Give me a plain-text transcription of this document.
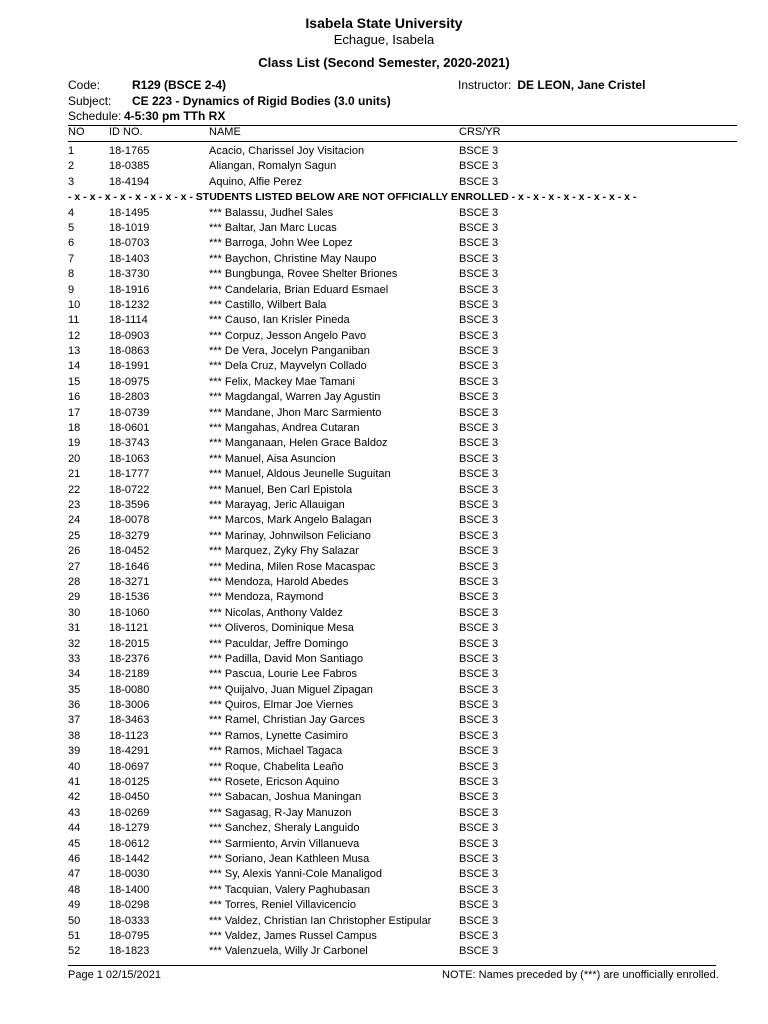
Isabela State University
Echague, Isabela
Class List (Second Semester, 2020-2021)
Code:	R129 (BSCE 2-4)
Subject: CE 223 - Dynamics of Rigid Bodies (3.0 units)
Schedule: 4-5:30 pm TTh RX
Instructor: DE LEON, Jane Cristel
NO ID NO.	NAME	CRS/YR
1	18-1765	Acacio, Charissel Joy Visitacion	BSCE 3
2	18-0385	Aliangan, Romalyn Sagun	BSCE 3
3	18-4194	Aquino, Alfie Perez	BSCE 3
- x - x - x - x - x - x - x - x - STUDENTS LISTED BELOW ARE NOT OFFICIALLY ENROLLED - x - x - x - x - x - x - x - x -
4	18-1495	*** Balassu, Judhel Sales	BSCE 3
5	18-1019	*** Baltar, Jan Marc Lucas	BSCE 3
6	18-0703	*** Barroga, John Wee Lopez	BSCE 3
7	18-1403	*** Baychon, Christine May Naupo	BSCE 3
8	18-3730	*** Bungbunga, Rovee Shelter Briones	BSCE 3
9	18-1916	*** Candelaria, Brian Eduard Esmael	BSCE 3
10	18-1232	*** Castillo, Wilbert Bala	BSCE 3
11	18-1114	*** Causo, Ian Krisler Pineda	BSCE 3
12	18-0903	*** Corpuz, Jesson Angelo Pavo	BSCE 3
13	18-0863	*** De Vera, Jocelyn Panganiban	BSCE 3
14	18-1991	*** Dela Cruz, Mayvelyn Collado	BSCE 3
15	18-0975	*** Felix, Mackey Mae Tamani	BSCE 3
16	18-2803	*** Magdangal, Warren Jay Agustin	BSCE 3
17	18-0739	*** Mandane, Jhon Marc Sarmiento	BSCE 3
18	18-0601	*** Mangahas, Andrea Cutaran	BSCE 3
19	18-3743	*** Manganaan, Helen Grace Baldoz	BSCE 3
20	18-1063	*** Manuel, Aisa Asuncion	BSCE 3
21	18-1777	*** Manuel, Aldous Jeunelle Suguitan	BSCE 3
22	18-0722	*** Manuel, Ben Carl Epistola	BSCE 3
23	18-3596	*** Marayag, Jeric Allauigan	BSCE 3
24	18-0078	*** Marcos, Mark Angelo Balagan	BSCE 3
25	18-3279	*** Marinay, Johnwilson Feliciano	BSCE 3
26	18-0452	*** Marquez, Zyky Fhy Salazar	BSCE 3
27	18-1646	*** Medina, Milen Rose Macaspac	BSCE 3
28	18-3271	*** Mendoza, Harold Abedes	BSCE 3
29	18-1536	*** Mendoza, Raymond	BSCE 3
30	18-1060	*** Nicolas, Anthony Valdez	BSCE 3
31	18-1121	*** Oliveros, Dominique Mesa	BSCE 3
32	18-2015	*** Paculdar, Jeffre Domingo	BSCE 3
33	18-2376	*** Padilla, David Mon Santiago	BSCE 3
34	18-2189	*** Pascua, Lourie Lee Fabros	BSCE 3
35	18-0080	*** Quijalvo, Juan Miguel Zipagan	BSCE 3
36	18-3006	*** Quiros, Elmar Joe Viernes	BSCE 3
37	18-3463	*** Ramel, Christian Jay Garces	BSCE 3
38	18-1123	*** Ramos, Lynette Casimiro	BSCE 3
39	18-4291	*** Ramos, Michael Tagaca	BSCE 3
40	18-0697	*** Roque, Chabelita Leaño	BSCE 3
41	18-0125	*** Rosete, Ericson Aquino	BSCE 3
42	18-0450	*** Sabacan, Joshua Maningan	BSCE 3
43	18-0269	*** Sagasag, R-Jay Manuzon	BSCE 3
44	18-1279	*** Sanchez, Sheraly Languido	BSCE 3
45	18-0612	*** Sarmiento, Arvin Villanueva	BSCE 3
46	18-1442	*** Soriano, Jean Kathleen Musa	BSCE 3
47	18-0030	*** Sy, Alexis Yanni-Cole Manaligod	BSCE 3
48	18-1400	*** Tacquian, Valery Paghubasan	BSCE 3
49	18-0298	*** Torres, Reniel Villavicencio	BSCE 3
50	18-0333	*** Valdez, Christian Ian Christopher Estipular	BSCE 3
51	18-0795	*** Valdez, James Russel Campus	BSCE 3
52	18-1823	*** Valenzuela, Willy Jr Carbonel	BSCE 3
Page 1 02/15/2021	NOTE: Names preceded by (***) are unofficially enrolled.
